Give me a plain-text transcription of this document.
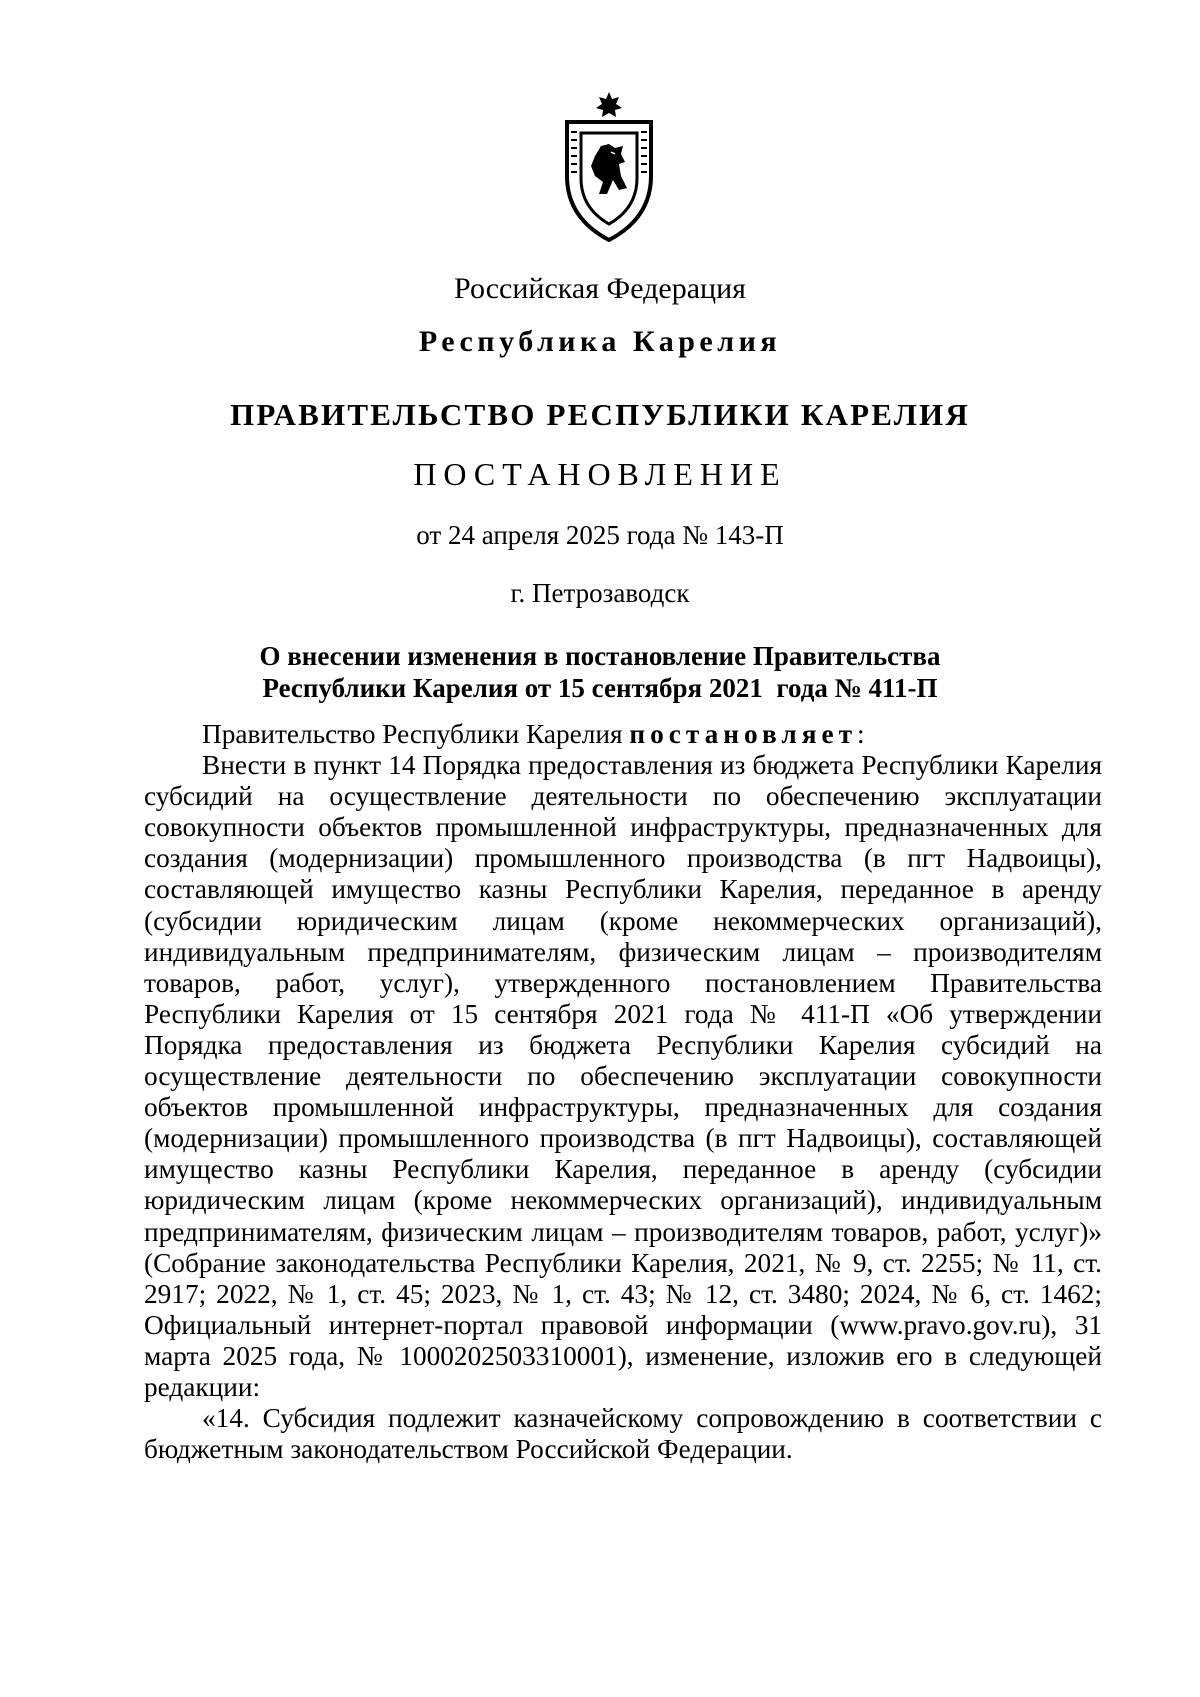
Российская Федерация
Республика Карелия
ПРАВИТЕЛЬСТВО РЕСПУБЛИКИ КАРЕЛИЯ
ПОСТАНОВЛЕНИЕ
от 24 апреля 2025 года № 143-П
г. Петрозаводск
О внесении изменения в постановление Правительства
Республики Карелия от 15 сентября 2021  года № 411-П

Правительство Республики Карелия постановляет:

Внести в пункт 14 Порядка предоставления из бюджета Республики Карелия субсидий на осуществление деятельности по обеспечению эксплуатации совокупности объектов промышленной инфраструктуры, предназначенных для создания (модернизации) промышленного производства (в пгт Надвоицы), составляющей имущество казны Республики Карелия, переданное в аренду (субсидии юридическим лицам (кроме некоммерческих организаций), индивидуальным предпринимателям, физическим лицам – производителям товаров, работ, услуг), утвержденного постановлением Правительства Республики Карелия от 15 сентября 2021 года № 411-П «Об утверждении Порядка предоставления из бюджета Республики Карелия субсидий на осуществление деятельности по обеспечению эксплуатации совокупности объектов промышленной инфраструктуры, предназначенных для создания (модернизации) промышленного производства (в пгт Надвоицы), составляющей имущество казны Республики Карелия, переданное в аренду (субсидии юридическим лицам (кроме некоммерческих организаций), индивидуальным предпринимателям, физическим лицам – производителям товаров, работ, услуг)» (Собрание законодательства Республики Карелия, 2021, № 9, ст. 2255; № 11, ст. 2917; 2022, № 1, ст. 45; 2023, № 1, ст. 43; № 12, ст. 3480; 2024, № 6, ст. 1462; Официальный интернет-портал правовой информации (www.pravo.gov.ru), 31 марта 2025 года, № 1000202503310001), изменение, изложив его в следующей редакции:

«14. Субсидия подлежит казначейскому сопровождению в соответствии с бюджетным законодательством Российской Федерации.
